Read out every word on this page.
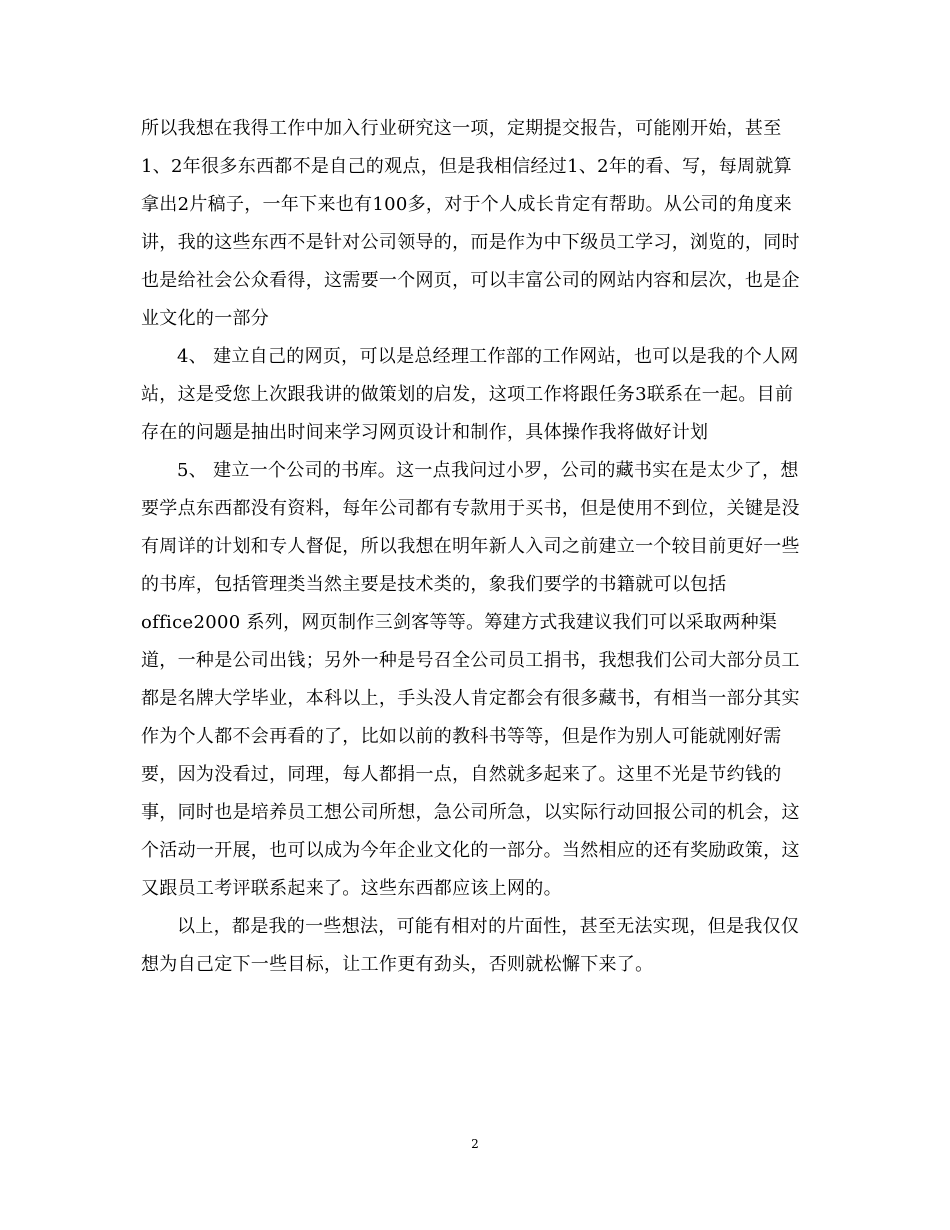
所以我想在我得工作中加入行业研究这一项，定期提交报告，可能刚开始，甚至
1、2年很多东西都不是自己的观点，但是我相信经过1、2年的看、写，每周就算
拿出2片稿子，一年下来也有100多，对于个人成长肯定有帮助。从公司的角度来
讲，我的这些东西不是针对公司领导的，而是作为中下级员工学习，浏览的，同时
也是给社会公众看得，这需要一个网页，可以丰富公司的网站内容和层次，也是企
业文化的一部分
4、 建立自己的网页，可以是总经理工作部的工作网站，也可以是我的个人网
站，这是受您上次跟我讲的做策划的启发，这项工作将跟任务3联系在一起。目前
存在的问题是抽出时间来学习网页设计和制作，具体操作我将做好计划
5、 建立一个公司的书库。这一点我问过小罗，公司的藏书实在是太少了，想
要学点东西都没有资料，每年公司都有专款用于买书，但是使用不到位，关键是没
有周详的计划和专人督促，所以我想在明年新人入司之前建立一个较目前更好一些
的书库，包括管理类当然主要是技术类的，象我们要学的书籍就可以包括
office2000 系列，网页制作三剑客等等。筹建方式我建议我们可以采取两种渠
道，一种是公司出钱；另外一种是号召全公司员工捐书，我想我们公司大部分员工
都是名牌大学毕业，本科以上，手头没人肯定都会有很多藏书，有相当一部分其实
作为个人都不会再看的了，比如以前的教科书等等，但是作为别人可能就刚好需
要，因为没看过，同理，每人都捐一点，自然就多起来了。这里不光是节约钱的
事，同时也是培养员工想公司所想，急公司所急，以实际行动回报公司的机会，这
个活动一开展，也可以成为今年企业文化的一部分。当然相应的还有奖励政策，这
又跟员工考评联系起来了。这些东西都应该上网的。
以上，都是我的一些想法，可能有相对的片面性，甚至无法实现，但是我仅仅
想为自己定下一些目标，让工作更有劲头，否则就松懈下来了。
2
